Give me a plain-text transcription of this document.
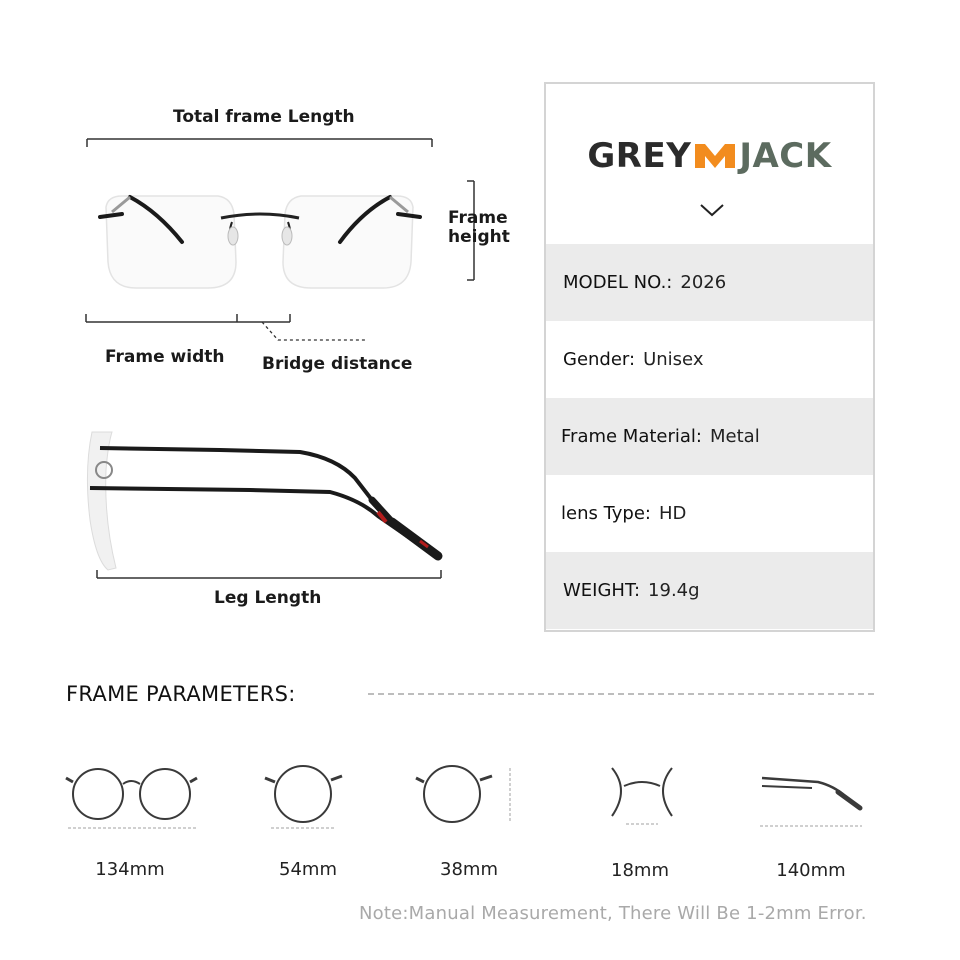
Total frame Length
Frame
height
Frame width Bridge distance
Leg Length
GREY JACK
MODEL NO.: 2026
Gender: Unisex
Frame Material: Metal
lens Type: HD
WEIGHT: 19.4g
FRAME PARAMETERS:
134mm	54mm	38mm	18mm	140mm
Note:Manual Measurement, There Will Be 1-2mm Error.
